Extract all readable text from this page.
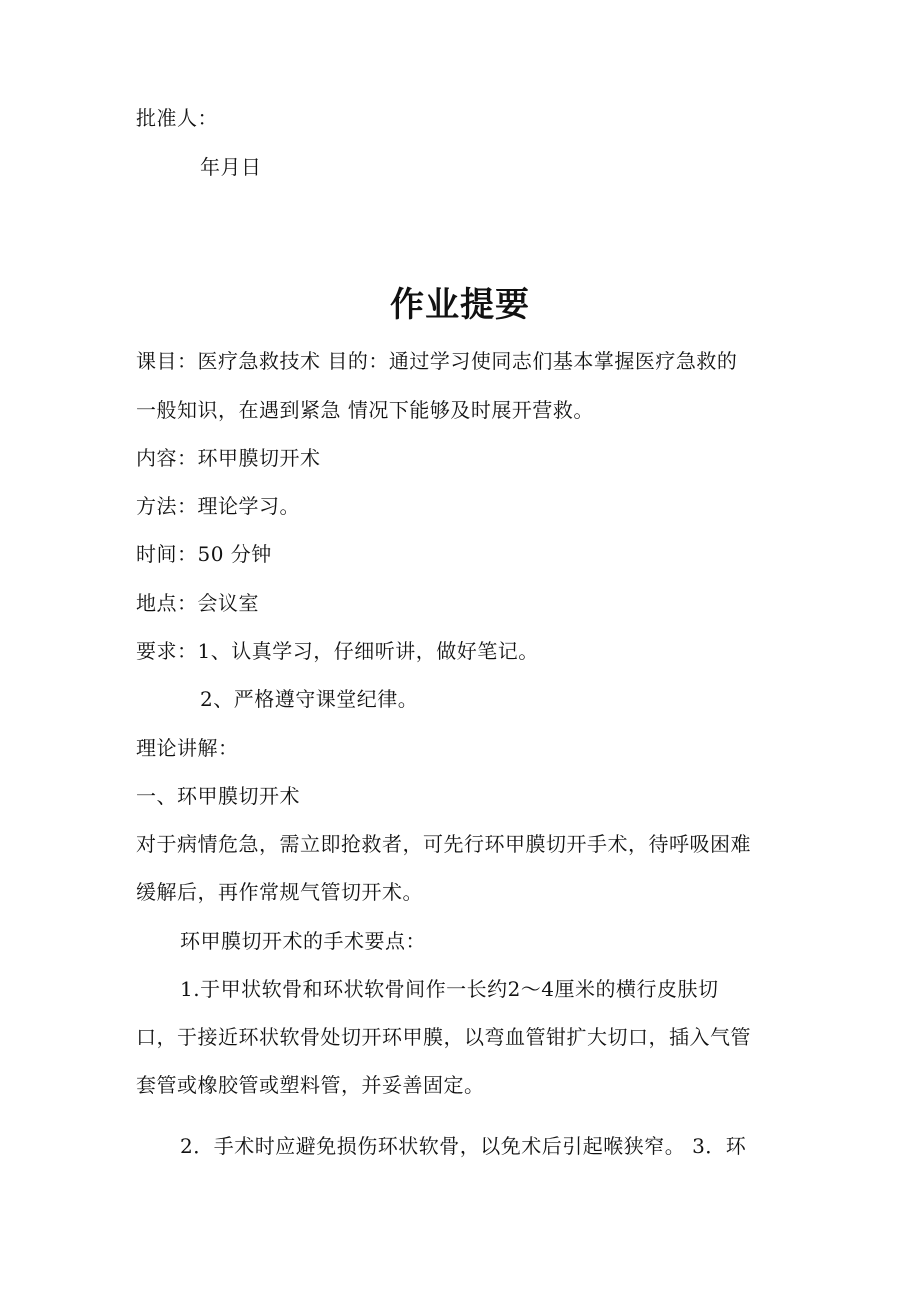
批准人：
年月日
作业提要
课目：医疗急救技术 目的：通过学习使同志们基本掌握医疗急救的
一般知识，在遇到紧急 情况下能够及时展开营救。
内容：环甲膜切开术
方法：理论学习。
时间：50 分钟
地点：会议室
要求：1、认真学习，仔细听讲，做好笔记。
2、严格遵守课堂纪律。
理论讲解：
一、环甲膜切开术
对于病情危急，需立即抢救者，可先行环甲膜切开手术，待呼吸困难
缓解后，再作常规气管切开术。
环甲膜切开术的手术要点：
1.于甲状软骨和环状软骨间作一长约2～4厘米的横行皮肤切
口，于接近环状软骨处切开环甲膜，以弯血管钳扩大切口，插入气管
套管或橡胶管或塑料管，并妥善固定。
2．手术时应避免损伤环状软骨，以免术后引起喉狭窄。 3．环
